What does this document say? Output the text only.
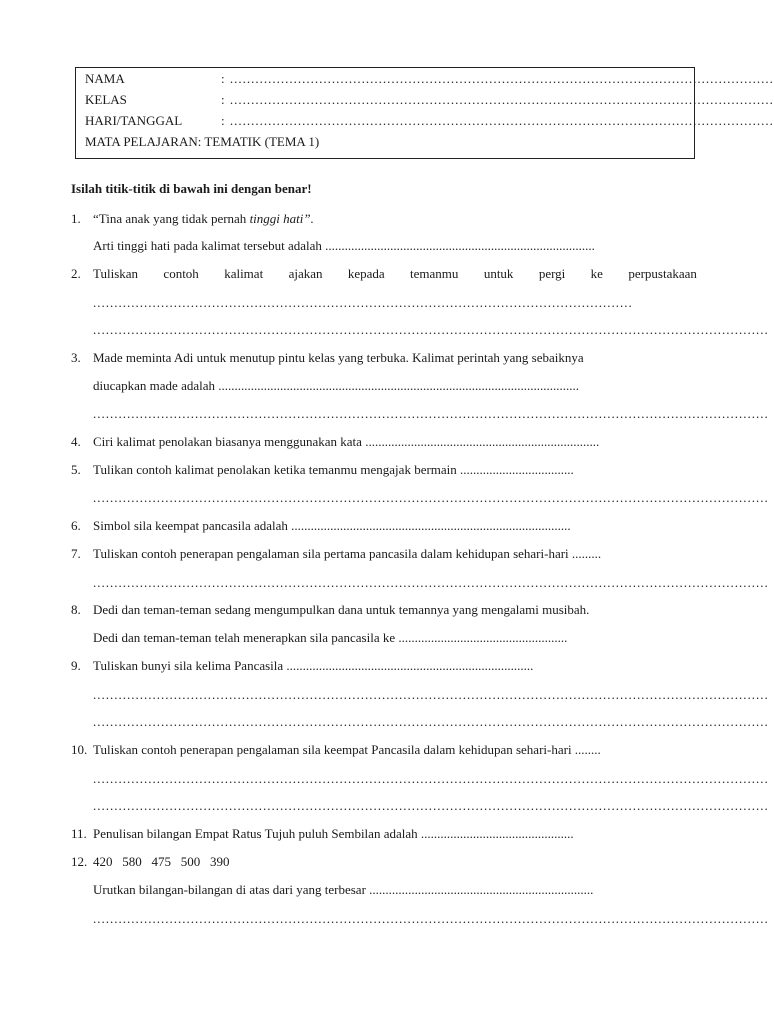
NAMA	: ................................................................................................................................
KELAS	: ................................................................................................................................
HARI/TANGGAL	: ................................................................................................................................
MATA PELAJARAN: TEMATIK (TEMA 1)
Isilah titik-titik di bawah ini dengan benar!
1. “Tina anak yang tidak pernah tinggi hati”.
Arti tinggi hati pada kalimat tersebut adalah ...................................................................................
2. Tuliskan contoh kalimat ajakan kepada temanmu untuk pergi ke perpustakaan
...............................................................................................................................
...............................................................................................................................................................
3. Made meminta Adi untuk menutup pintu kelas yang terbuka. Kalimat perintah yang sebaiknya
diucapkan made adalah ...............................................................................................................
...............................................................................................................................................................
4. Ciri kalimat penolakan biasanya menggunakan kata ........................................................................
5. Tulikan contoh kalimat penolakan ketika temanmu mengajak bermain ...................................
...............................................................................................................................................................
6. Simbol sila keempat pancasila adalah ......................................................................................
7. Tuliskan contoh penerapan pengalaman sila pertama pancasila dalam kehidupan sehari-hari .........
...............................................................................................................................................................
8. Dedi dan teman-teman sedang mengumpulkan dana untuk temannya yang mengalami musibah.
Dedi dan teman-teman telah menerapkan sila pancasila ke ....................................................
9. Tuliskan bunyi sila kelima Pancasila ............................................................................
...............................................................................................................................................................
...............................................................................................................................................................
10. Tuliskan contoh penerapan pengalaman sila keempat Pancasila dalam kehidupan sehari-hari ........
...............................................................................................................................................................
...............................................................................................................................................................
11. Penulisan bilangan Empat Ratus Tujuh puluh Sembilan adalah ...............................................
12. 420   580   475   500   390
Urutkan bilangan-bilangan di atas dari yang terbesar .....................................................................
...............................................................................................................................................................
